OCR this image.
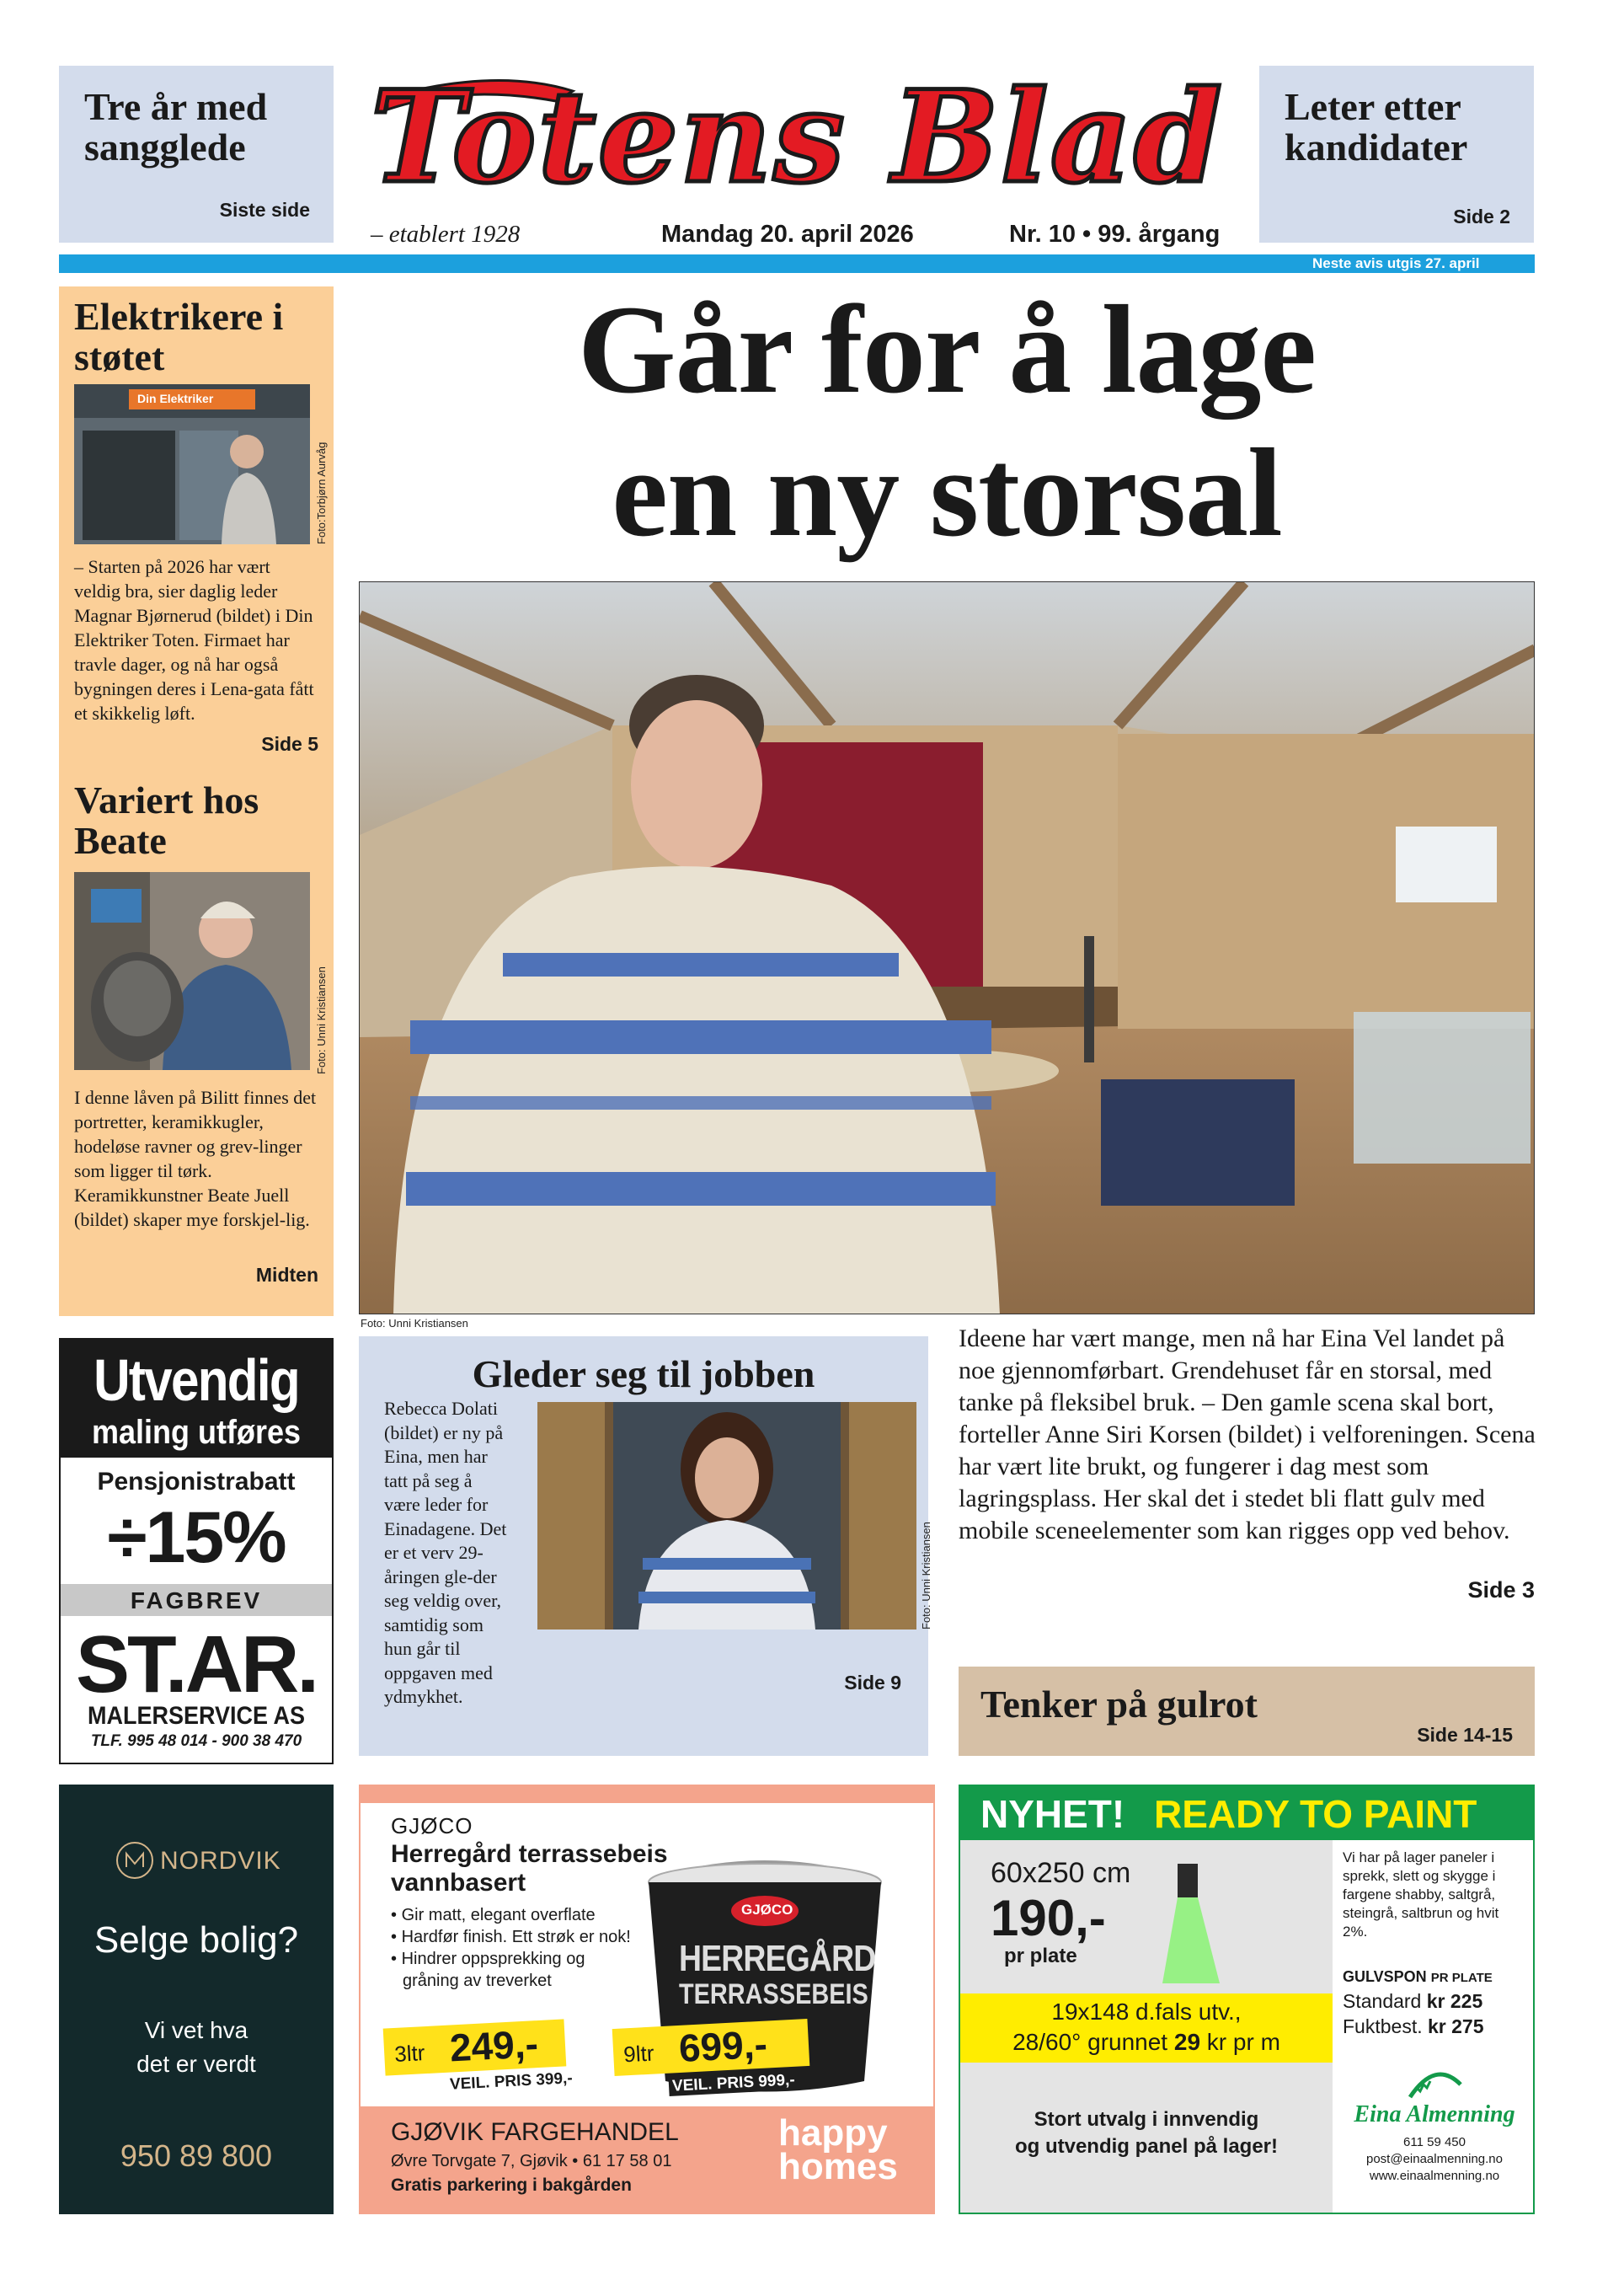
Tre år med sangglede
Siste side Totens Blad Leter etter kandidater
Side 2
– etablert 1928	Mandag 20. april 2026	Nr. 10 • 99. årgang
Neste avis utgis 27. april
Elektrikere i støtet
Din Elektriker
Foto:Torbjørn Aurvåg
– Starten på 2026 har vært veldig bra, sier daglig leder Magnar Bjørnerud (bildet) i Din Elektriker Toten. Firmaet har travle dager, og nå har også bygningen deres i Lena-gata fått et skikkelig løft.
Side 5
Variert hos Beate
Foto: Unni Kristiansen
I denne låven på Bilitt finnes det portretter, keramikkugler, hodeløse ravner og grev-linger som ligger til tørk. Keramikkunstner Beate Juell (bildet) skaper mye forskjel-lig.
Midten
Går for å lage
en ny storsal
Foto: Unni Kristiansen
Ideene har vært mange, men nå har Eina Vel landet på noe gjennomførbart. Grendehuset får en storsal, med tanke på fleksibel bruk. – Den gamle scena skal bort, forteller Anne Siri Korsen (bildet) i velforeningen. Scena har vært lite brukt, og fungerer i dag mest som lagringsplass. Her skal det i stedet bli flatt gulv med mobile sceneelementer som kan rigges opp ved behov.
Side 3
Gleder seg til jobben
Rebecca Dolati (bildet) er ny på Eina, men har tatt på seg å være leder for Einadagene. Det er et verv 29-åringen gle-der seg veldig over, samtidig som hun går til oppgaven med ydmykhet.
Foto: Unni Kristiansen
Side 9 Tenker på gulrot
Side 14-15
Utvendig
maling utføres
Pensjonistrabatt
÷15%
FAGBREV
ST.AR.
MALERSERVICE AS
TLF. 995 48 014 - 900 38 470
NORDVIK
Selge bolig?
Vi vet hva
det er verdt
950 89 800
GJØCO
Herregård terrassebeis
vannbasert
• Gir matt, elegant overflate
• Hardfør finish. Ett strøk er nok!
• Hindrer oppsprekking og
gråning av treverket
GJØCO
HERREGÅRD
TERRASSEBEIS
3ltr 249,-
VEIL. PRIS 399,-
9ltr 699,-
VEIL. PRIS 999,-
GJØVIK FARGEHANDEL
Øvre Torvgate 7, Gjøvik • 61 17 58 01
Gratis parkering i bakgården
happy
homes
NYHET! READY TO PAINT
60x250 cm
190,-
pr plate
19x148 d.fals utv.,
28/60° grunnet 29 kr pr m
Stort utvalg i innvendig
og utvendig panel på lager!
Vi har på lager paneler i sprekk, slett og skygge i fargene shabby, saltgrå, steingrå, saltbrun og hvit 2%.
GULVSPON PR PLATE
Standard kr 225
Fuktbest. kr 275
Eina Almenning
611 59 450
post@einaalmenning.no
www.einaalmenning.no
